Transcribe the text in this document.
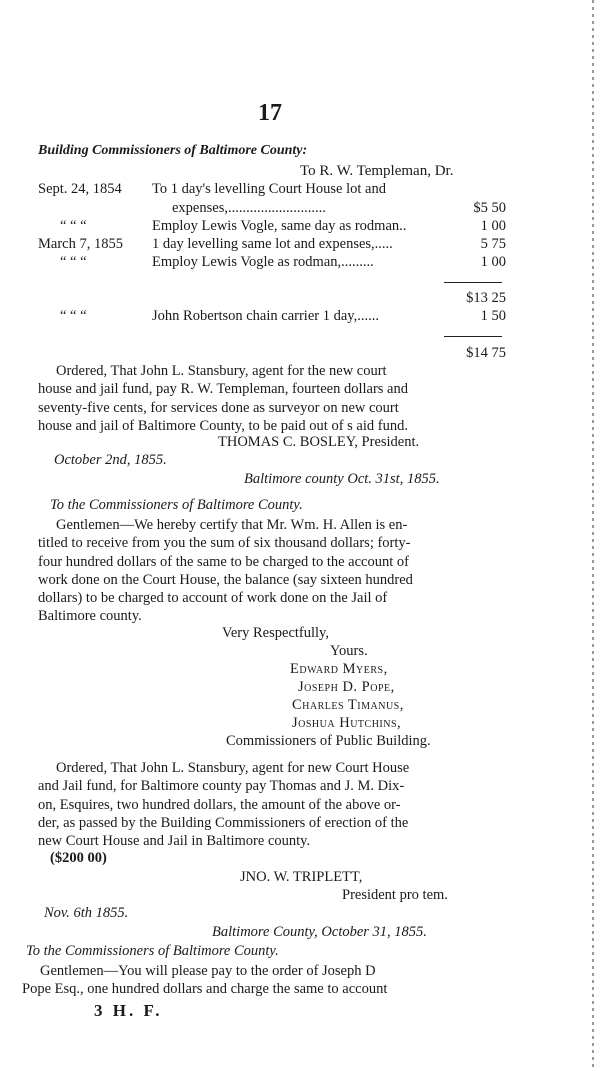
17
Building Commissioners of Baltimore County:
To R. W. Templeman, Dr.
Sept. 24, 1854 To 1 day's levelling Court House lot and
expenses,...........................	$5 50
“ “ “	Employ Lewis Vogle, same day as rodman..	1 00
March 7, 1855 1 day levelling same lot and expenses,.....	5 75
“ “ “	Employ Lewis Vogle as rodman,.........	1 00
$13 25
“ “ “	John Robertson chain carrier 1 day,......	1 50
$14 75
Ordered, That John L. Stansbury, agent for the new court
house and jail fund, pay R. W. Templeman, fourteen dollars and
seventy-five cents, for services done as surveyor on new court
house and jail of Baltimore County, to be paid out of s aid fund.
THOMAS C. BOSLEY, President.
October 2nd, 1855.
Baltimore county Oct. 31st, 1855.
To the Commissioners of Baltimore County.
Gentlemen—We hereby certify that Mr. Wm. H. Allen is en-
titled to receive from you the sum of six thousand dollars; forty-
four hundred dollars of the same to be charged to the account of
work done on the Court House, the balance (say sixteen hundred
dollars) to be charged to account of work done on the Jail of
Baltimore county.
Very Respectfully,
Yours.
Edward Myers,
Joseph D. Pope,
Charles Timanus,
Joshua Hutchins,
Commissioners of Public Building.
Ordered, That John L. Stansbury, agent for new Court House
and Jail fund, for Baltimore county pay Thomas and J. M. Dix-
on, Esquires, two hundred dollars, the amount of the above or-
der, as passed by the Building Commissioners of erection of the
new Court House and Jail in Baltimore county.
($200 00)
JNO. W. TRIPLETT,
President pro tem.
Nov. 6th 1855.
Baltimore County, October 31, 1855.
To the Commissioners of Baltimore County.
Gentlemen—You will please pay to the order of Joseph D
Pope Esq., one hundred dollars and charge the same to account
3 H. F.
